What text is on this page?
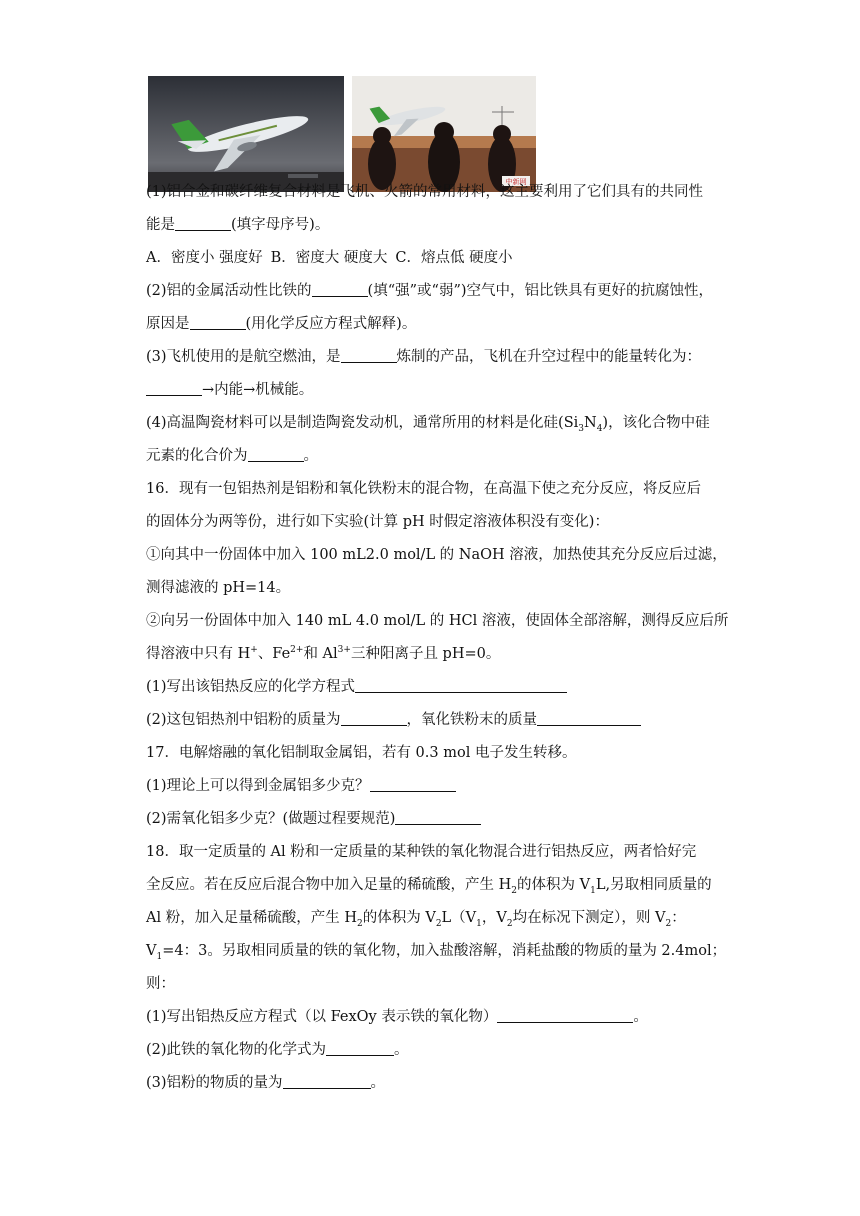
中新网
(1)铝合金和碳纤维复合材料是飞机、火箭的常用材料，这主要利用了它们具有的共同性
能是	(填字母序号)。
A．密度小 强度好 B．密度大 硬度大 C．熔点低 硬度小
(2)铝的金属活动性比铁的	(填“强”或“弱”)空气中，铝比铁具有更好的抗腐蚀性，
原因是	(用化学反应方程式解释)。
(3)飞机使用的是航空燃油，是	炼制的产品，飞机在升空过程中的能量转化为：
→内能→机械能。
(4)高温陶瓷材料可以是制造陶瓷发动机，通常所用的材料是化硅$(Si_3N_4)$，该化合物中硅
元素的化合价为	。
16．现有一包铝热剂是铝粉和氧化铁粉末的混合物，在高温下使之充分反应，将反应后
的固体分为两等份，进行如下实验(计算 pH 时假定溶液体积没有变化)：
①向其中一份固体中加入 100 mL2.0 mol/L 的 NaOH 溶液，加热使其充分反应后过滤，
测得滤液的 pH=14。
②向另一份固体中加入 140 mL 4.0 mol/L 的 HCl 溶液，使固体全部溶解，测得反应后所
得溶液中只有 H+、$Fe^{2+}$和 $Al^{3+}$三种阳离子且 pH=0。
(1)写出该铝热反应的化学方程式
(2)这包铝热剂中铝粉的质量为	，氧化铁粉末的质量
17．电解熔融的氧化铝制取金属铝，若有 0.3 mol 电子发生转移。
(1)理论上可以得到金属铝多少克？
(2)需氧化铝多少克？(做题过程要规范)
18．取一定质量的 Al 粉和一定质量的某种铁的氧化物混合进行铝热反应，两者恰好完
全反应。若在反应后混合物中加入足量的稀硫酸，产生 $H_2$的体积为 $V_1L$,另取相同质量的
Al 粉，加入足量稀硫酸，产生 $H_2$的体积为 $V_2L(V_1$，$V_2$均在标况下测定），则 $V_2$：
$V_1=4$：3。另取相同质量的铁的氧化物，加入盐酸溶解，消耗盐酸的物质的量为 2.4mol；
则：
(1)写出铝热反应方程式（以 FexOy 表示铁的氧化物）	。
(2)此铁的氧化物的化学式为	。
(3)铝粉的物质的量为	。
